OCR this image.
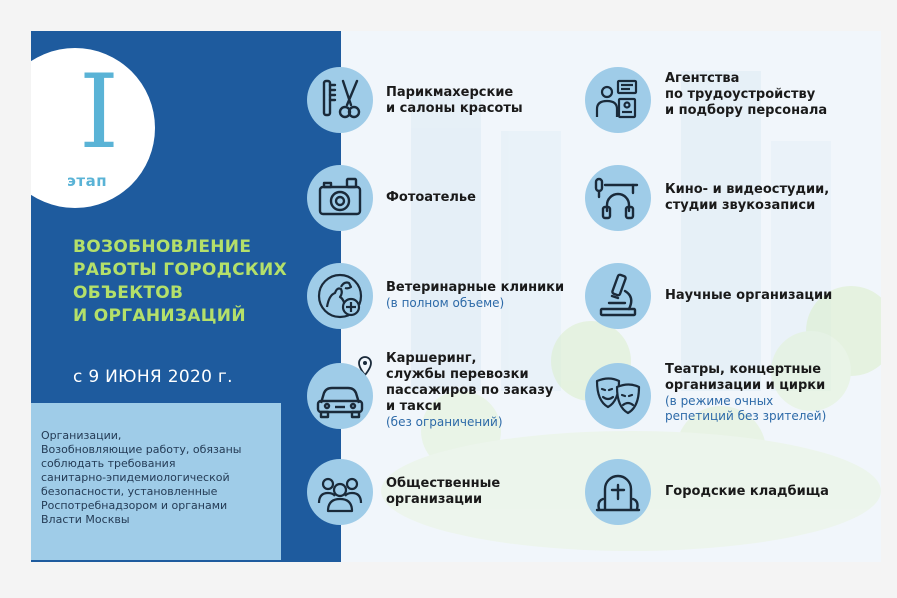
I
этап
ВОЗОБНОВЛЕНИЕ
РАБОТЫ ГОРОДСКИХ
ОБЪЕКТОВ
И ОРГАНИЗАЦИЙ
с 9 ИЮНЯ 2020 г.
Организации,
Возобновляющие работу, обязаны
соблюдать требования
санитарно-эпидемиологической
безопасности, установленные
Роспотребнадзором и органами
Власти Москвы
Парикмахерские
и салоны красоты
Фотоателье
Ветеринарные клиники
(в полном объеме)
Каршеринг,
службы перевозки
пассажиров по заказу
и такси
(без ограничений)
Общественные
организации
Агентства
по трудоустройству
и подбору персонала
Кино- и видеостудии,
студии звукозаписи
Научные организации
Театры, концертные
организации и цирки
(в режиме очных
репетиций без зрителей)
Городские кладбища
